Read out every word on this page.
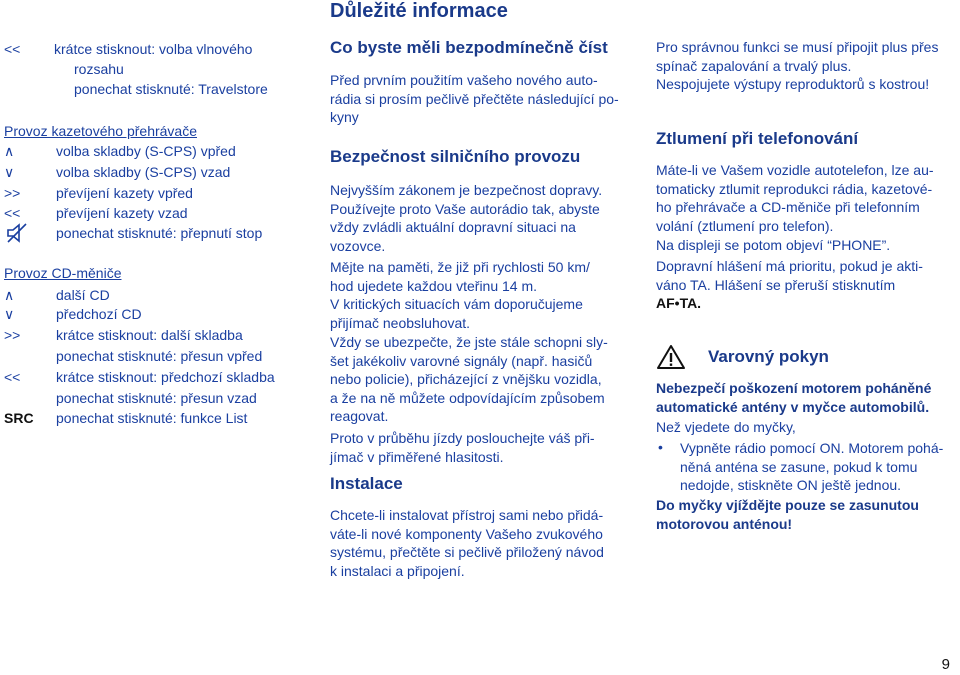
Důležité informace
<< krátce stisknout: volba vlnového
rozsahu
ponechat stisknuté: Travelstore
Provoz kazetového přehrávače
∧	volba skladby (S-CPS) vpřed
∨	volba skladby (S-CPS) vzad
>>	převíjení kazety vpřed
<<	převíjení kazety vzad
ponechat stisknuté: přepnutí stop
Provoz CD-měniče
∧	další CD
∨	předchozí CD
>>	krátce stisknout: další skladba
ponechat stisknuté: přesun vpřed
<<	krátce stisknout: předchozí skladba
ponechat stisknuté: přesun vzad
SRC ponechat stisknuté: funkce List
Co byste měli bezpodmínečně číst
Před prvním použitím vašeho nového auto-
rádia si prosím pečlivě přečtěte následující po-
kyny
Bezpečnost silničního provozu
Nejvyšším zákonem je bezpečnost dopravy.
Používejte proto Vaše autorádio tak, abyste
vždy zvládli aktuální dopravní situaci na
vozovce.
Mějte na paměti, že již při rychlosti 50 km/
hod ujedete každou vteřinu 14 m.
V kritických situacích vám doporučujeme
přijímač neobsluhovat.
Vždy se ubezpečte, že jste stále schopni sly-
šet jakékoliv varovné signály (např. hasičů
nebo policie), přicházející z vnějšku vozidla,
a že na ně můžete odpovídajícím způsobem
reagovat.
Proto v průběhu jízdy poslouchejte váš při-
jímač v přiměřené hlasitosti.
Instalace
Chcete-li instalovat přístroj sami nebo přidá-
váte-li nové komponenty Vašeho zvukového
systému, přečtěte si pečlivě přiložený návod
k instalaci a připojení.
Pro správnou funkci se musí připojit plus přes
spínač zapalování a trvalý plus.
Nespojujete výstupy reproduktorů s kostrou!
Ztlumení při telefonování
Máte-li ve Vašem vozidle autotelefon, lze au-
tomaticky ztlumit reprodukci rádia, kazetové-
ho přehrávače a CD-měniče při telefonním
volání (ztlumení pro telefon).
Na displeji se potom objeví “PHONE”.
Dopravní hlášení má prioritu, pokud je akti-
váno TA. Hlášení se přeruší stisknutím
AF•TA.
Varovný pokyn
Nebezpečí poškození motorem poháněné
automatické antény v myčce automobilů.
Než vjedete do myčky,
• Vypněte rádio pomocí ON. Motorem pohá-
něná anténa se zasune, pokud k tomu
nedojde, stiskněte ON ještě jednou.
Do myčky vjíždějte pouze se zasunutou
motorovou anténou!
9
